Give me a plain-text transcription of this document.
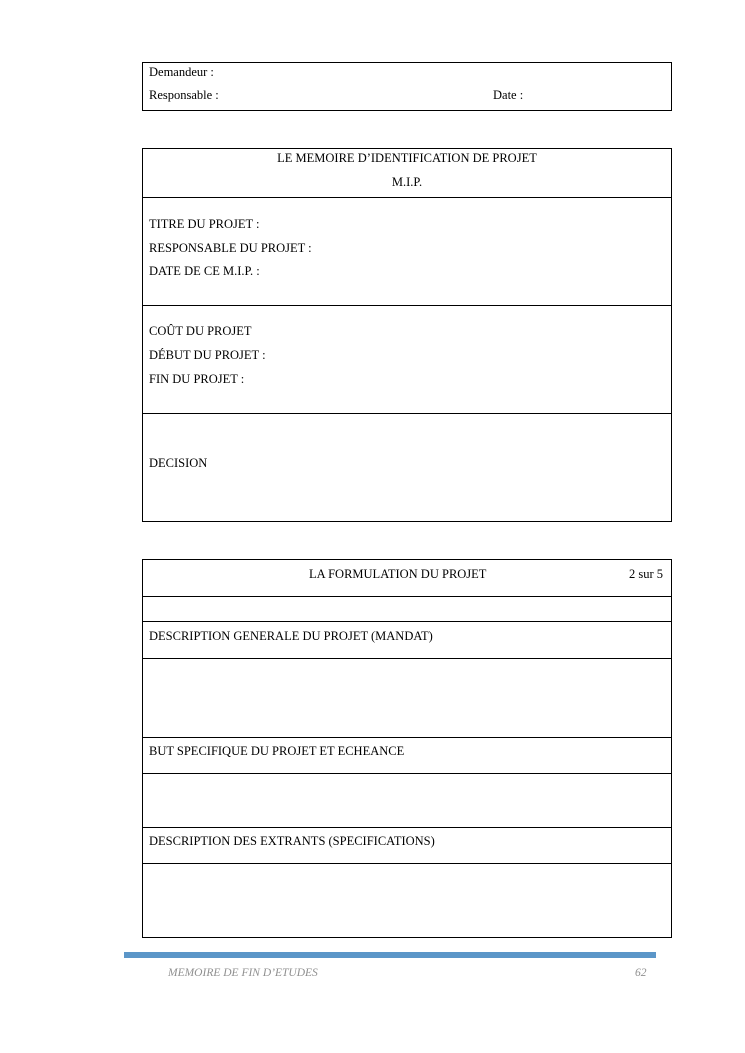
Demandeur :
Responsable :	Date :
LE MEMOIRE D’IDENTIFICATION DE PROJET
M.I.P.
TITRE DU PROJET :
RESPONSABLE DU PROJET :
DATE DE CE M.I.P. :
COÛT DU PROJET
DÉBUT DU PROJET :
FIN DU PROJET :
DECISION
LA FORMULATION DU PROJET	2 sur 5
DESCRIPTION GENERALE DU PROJET (MANDAT)
BUT SPECIFIQUE DU PROJET ET ECHEANCE
DESCRIPTION DES EXTRANTS (SPECIFICATIONS)
MEMOIRE DE FIN D’ETUDES	62
